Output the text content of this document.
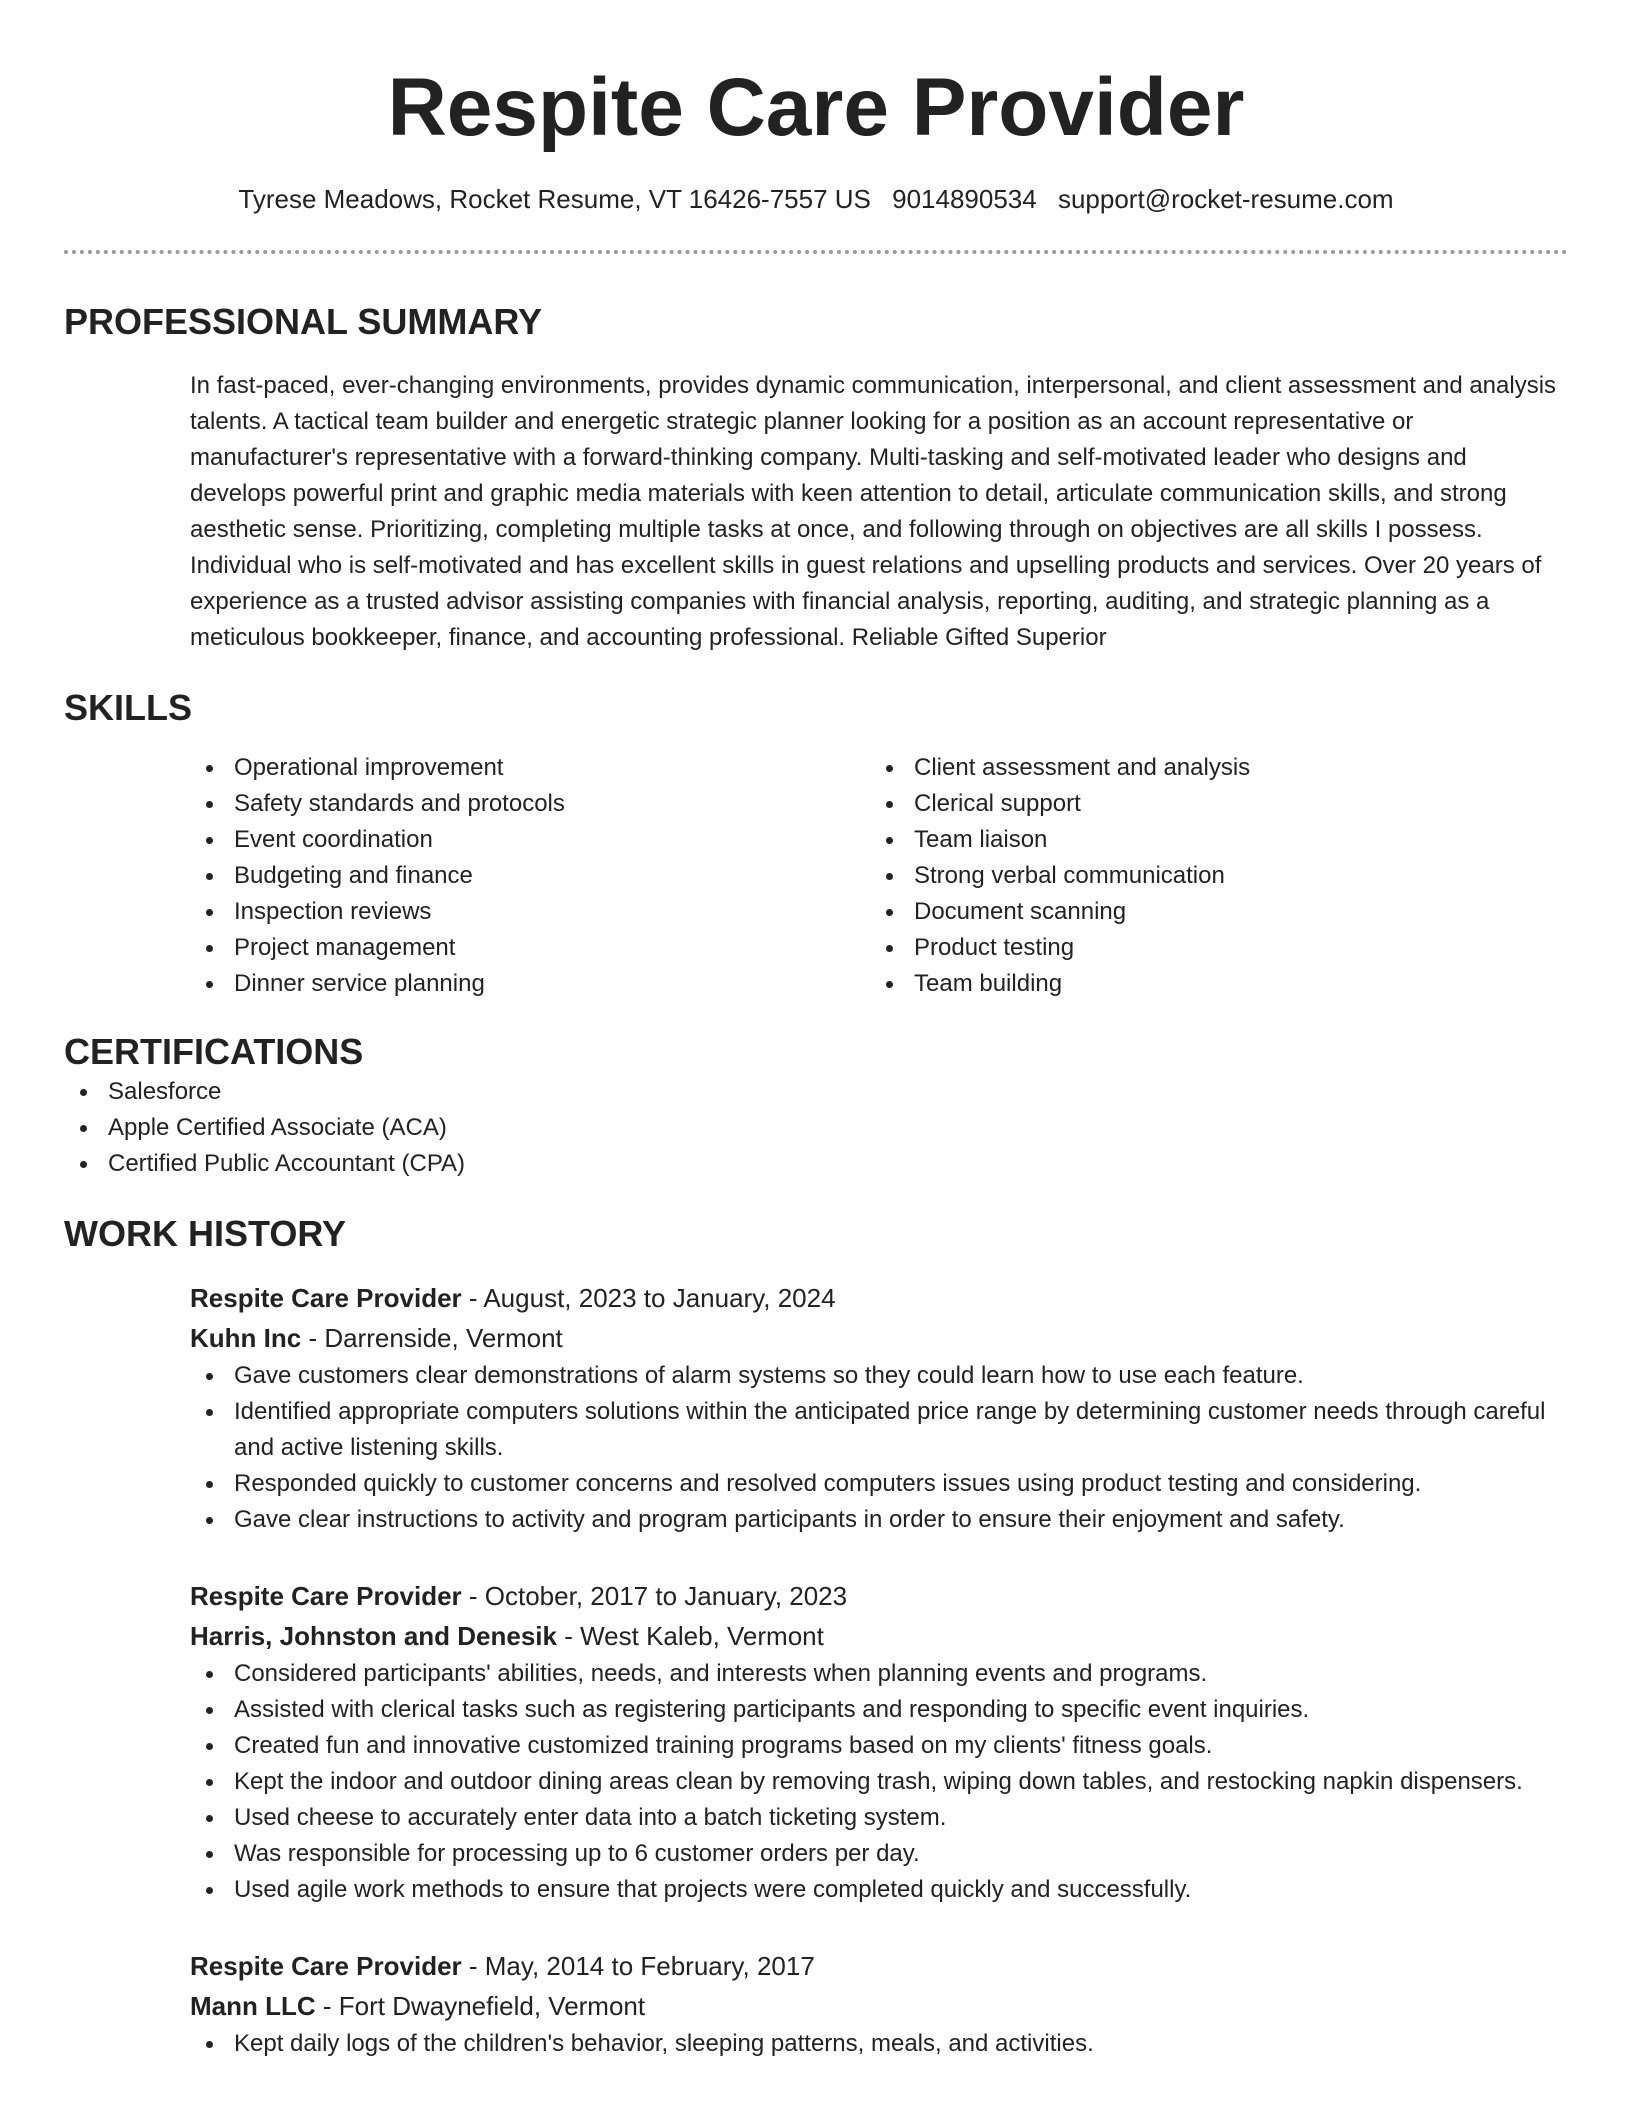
Respite Care Provider
Tyrese Meadows, Rocket Resume, VT 16426-7557 US 9014890534 support@rocket-resume.com
PROFESSIONAL SUMMARY

In fast-paced, ever-changing environments, provides dynamic communication, interpersonal, and client assessment and analysis talents. A tactical team builder and energetic strategic planner looking for a position as an account representative or manufacturer's representative with a forward-thinking company. Multi-tasking and self-motivated leader who designs and develops powerful print and graphic media materials with keen attention to detail, articulate communication skills, and strong aesthetic sense. Prioritizing, completing multiple tasks at once, and following through on objectives are all skills I possess. Individual who is self-motivated and has excellent skills in guest relations and upselling products and services. Over 20 years of experience as a trusted advisor assisting companies with financial analysis, reporting, auditing, and strategic planning as a meticulous bookkeeper, finance, and accounting professional. Reliable Gifted Superior

SKILLS
Operational improvement
Safety standards and protocols
Event coordination
Budgeting and finance
Inspection reviews
Project management
Dinner service planning
Client assessment and analysis
Clerical support
Team liaison
Strong verbal communication
Document scanning
Product testing
Team building
CERTIFICATIONS
Salesforce
Apple Certified Associate (ACA)
Certified Public Accountant (CPA)
WORK HISTORY
Respite Care Provider - August, 2023 to January, 2024
Kuhn Inc - Darrenside, Vermont
Gave customers clear demonstrations of alarm systems so they could learn how to use each feature.
Identified appropriate computers solutions within the anticipated price range by determining customer needs through careful and active listening skills.
Responded quickly to customer concerns and resolved computers issues using product testing and considering.
Gave clear instructions to activity and program participants in order to ensure their enjoyment and safety.
Respite Care Provider - October, 2017 to January, 2023
Harris, Johnston and Denesik - West Kaleb, Vermont
Considered participants' abilities, needs, and interests when planning events and programs.
Assisted with clerical tasks such as registering participants and responding to specific event inquiries.
Created fun and innovative customized training programs based on my clients' fitness goals.
Kept the indoor and outdoor dining areas clean by removing trash, wiping down tables, and restocking napkin dispensers.
Used cheese to accurately enter data into a batch ticketing system.
Was responsible for processing up to 6 customer orders per day.
Used agile work methods to ensure that projects were completed quickly and successfully.
Respite Care Provider - May, 2014 to February, 2017
Mann LLC - Fort Dwaynefield, Vermont
Kept daily logs of the children's behavior, sleeping patterns, meals, and activities.
